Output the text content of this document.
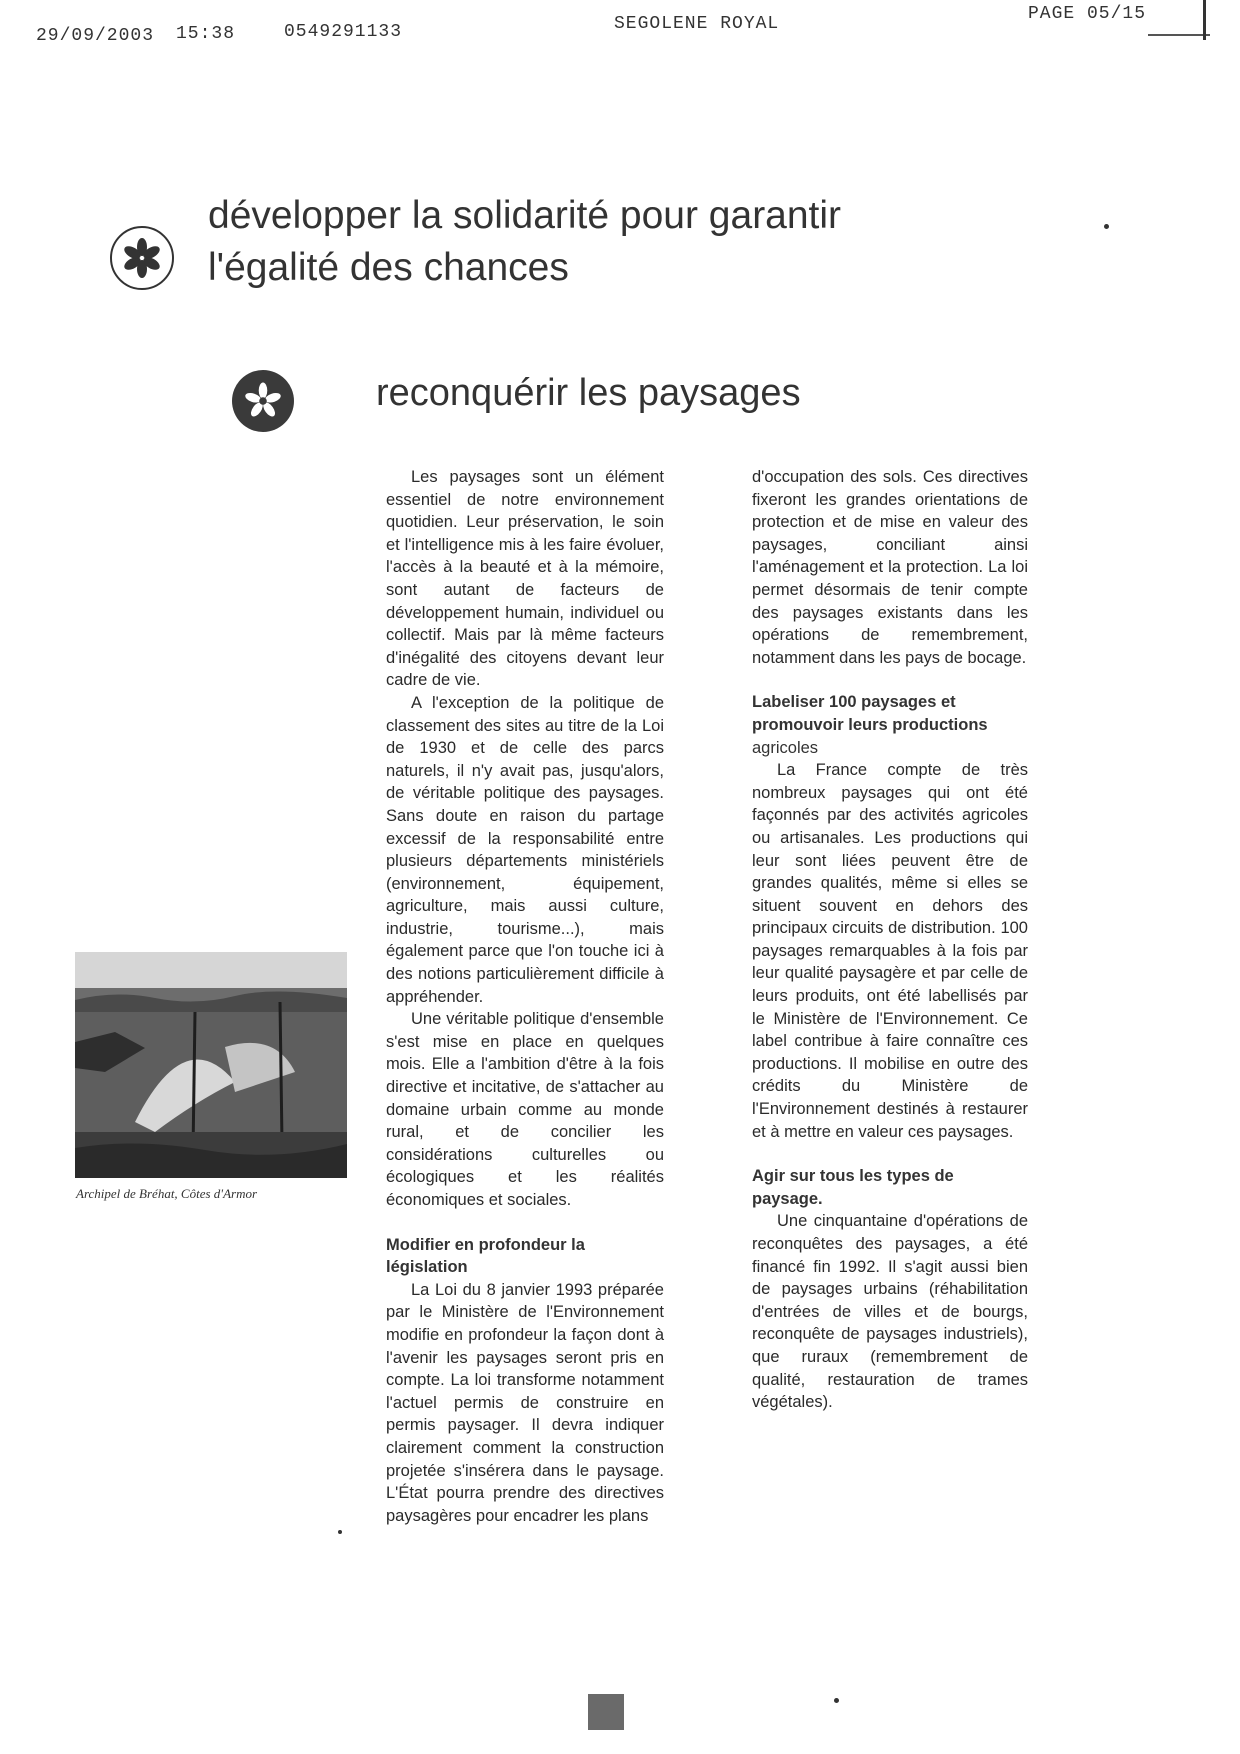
29/09/2003 15:38	0549291133	SEGOLENE ROYAL	PAGE 05/15
développer la solidarité pour garantir
l'égalité des chances
reconquérir les paysages

Les paysages sont un élément essentiel de notre environnement quotidien. Leur préservation, le soin et l'intelligence mis à les faire évoluer, l'accès à la beauté et à la mémoire, sont autant de facteurs de développement humain, individuel ou collectif. Mais par là même facteurs d'inégalité des citoyens devant leur cadre de vie.

A l'exception de la politique de classement des sites au titre de la Loi de 1930 et de celle des parcs naturels, il n'y avait pas, jusqu'alors, de véritable politique des paysages. Sans doute en raison du partage excessif de la responsabilité entre plusieurs départements ministériels (environnement, équipement, agriculture, mais aussi culture, industrie, tourisme...), mais également parce que l'on touche ici à des notions particulièrement difficile à appréhender.

Une véritable politique d'ensemble s'est mise en place en quelques mois. Elle a l'ambition d'être à la fois directive et incitative, de s'attacher au domaine urbain comme au monde rural, et de concilier les considérations culturelles ou écologiques et les réalités économiques et sociales.

Modifier en profondeur la législation

La Loi du 8 janvier 1993 préparée par le Ministère de l'Environnement modifie en profondeur la façon dont à l'avenir les paysages seront pris en compte. La loi transforme notamment l'actuel permis de construire en permis paysager. Il devra indiquer clairement comment la construction projetée s'insérera dans le paysage. L'État pourra prendre des directives paysagères pour encadrer les plans

d'occupation des sols. Ces directives fixeront les grandes orientations de protection et de mise en valeur des paysages, conciliant ainsi l'aménagement et la protection. La loi permet désormais de tenir compte des paysages existants dans les opérations de remembrement, notamment dans les pays de bocage.

Labeliser 100 paysages et promouvoir leurs productions
agricoles

La France compte de très nombreux paysages qui ont été façonnés par des activités agricoles ou artisanales. Les productions qui leur sont liées peuvent être de grandes qualités, même si elles se situent souvent en dehors des principaux circuits de distribution. 100 paysages remarquables à la fois par leur qualité paysagère et par celle de leurs produits, ont été labellisés par le Ministère de l'Environnement. Ce label contribue à faire connaître ces productions. Il mobilise en outre des crédits du Ministère de l'Environnement destinés à restaurer et à mettre en valeur ces paysages.

Agir sur tous les types de paysage.

Une cinquantaine d'opérations de reconquêtes des paysages, a été financé fin 1992. Il s'agit aussi bien de paysages urbains (réhabilitation d'entrées de villes et de bourgs, reconquête de paysages industriels), que ruraux (remembrement de qualité, restauration de trames végétales).

Archipel de Bréhat, Côtes d'Armor
